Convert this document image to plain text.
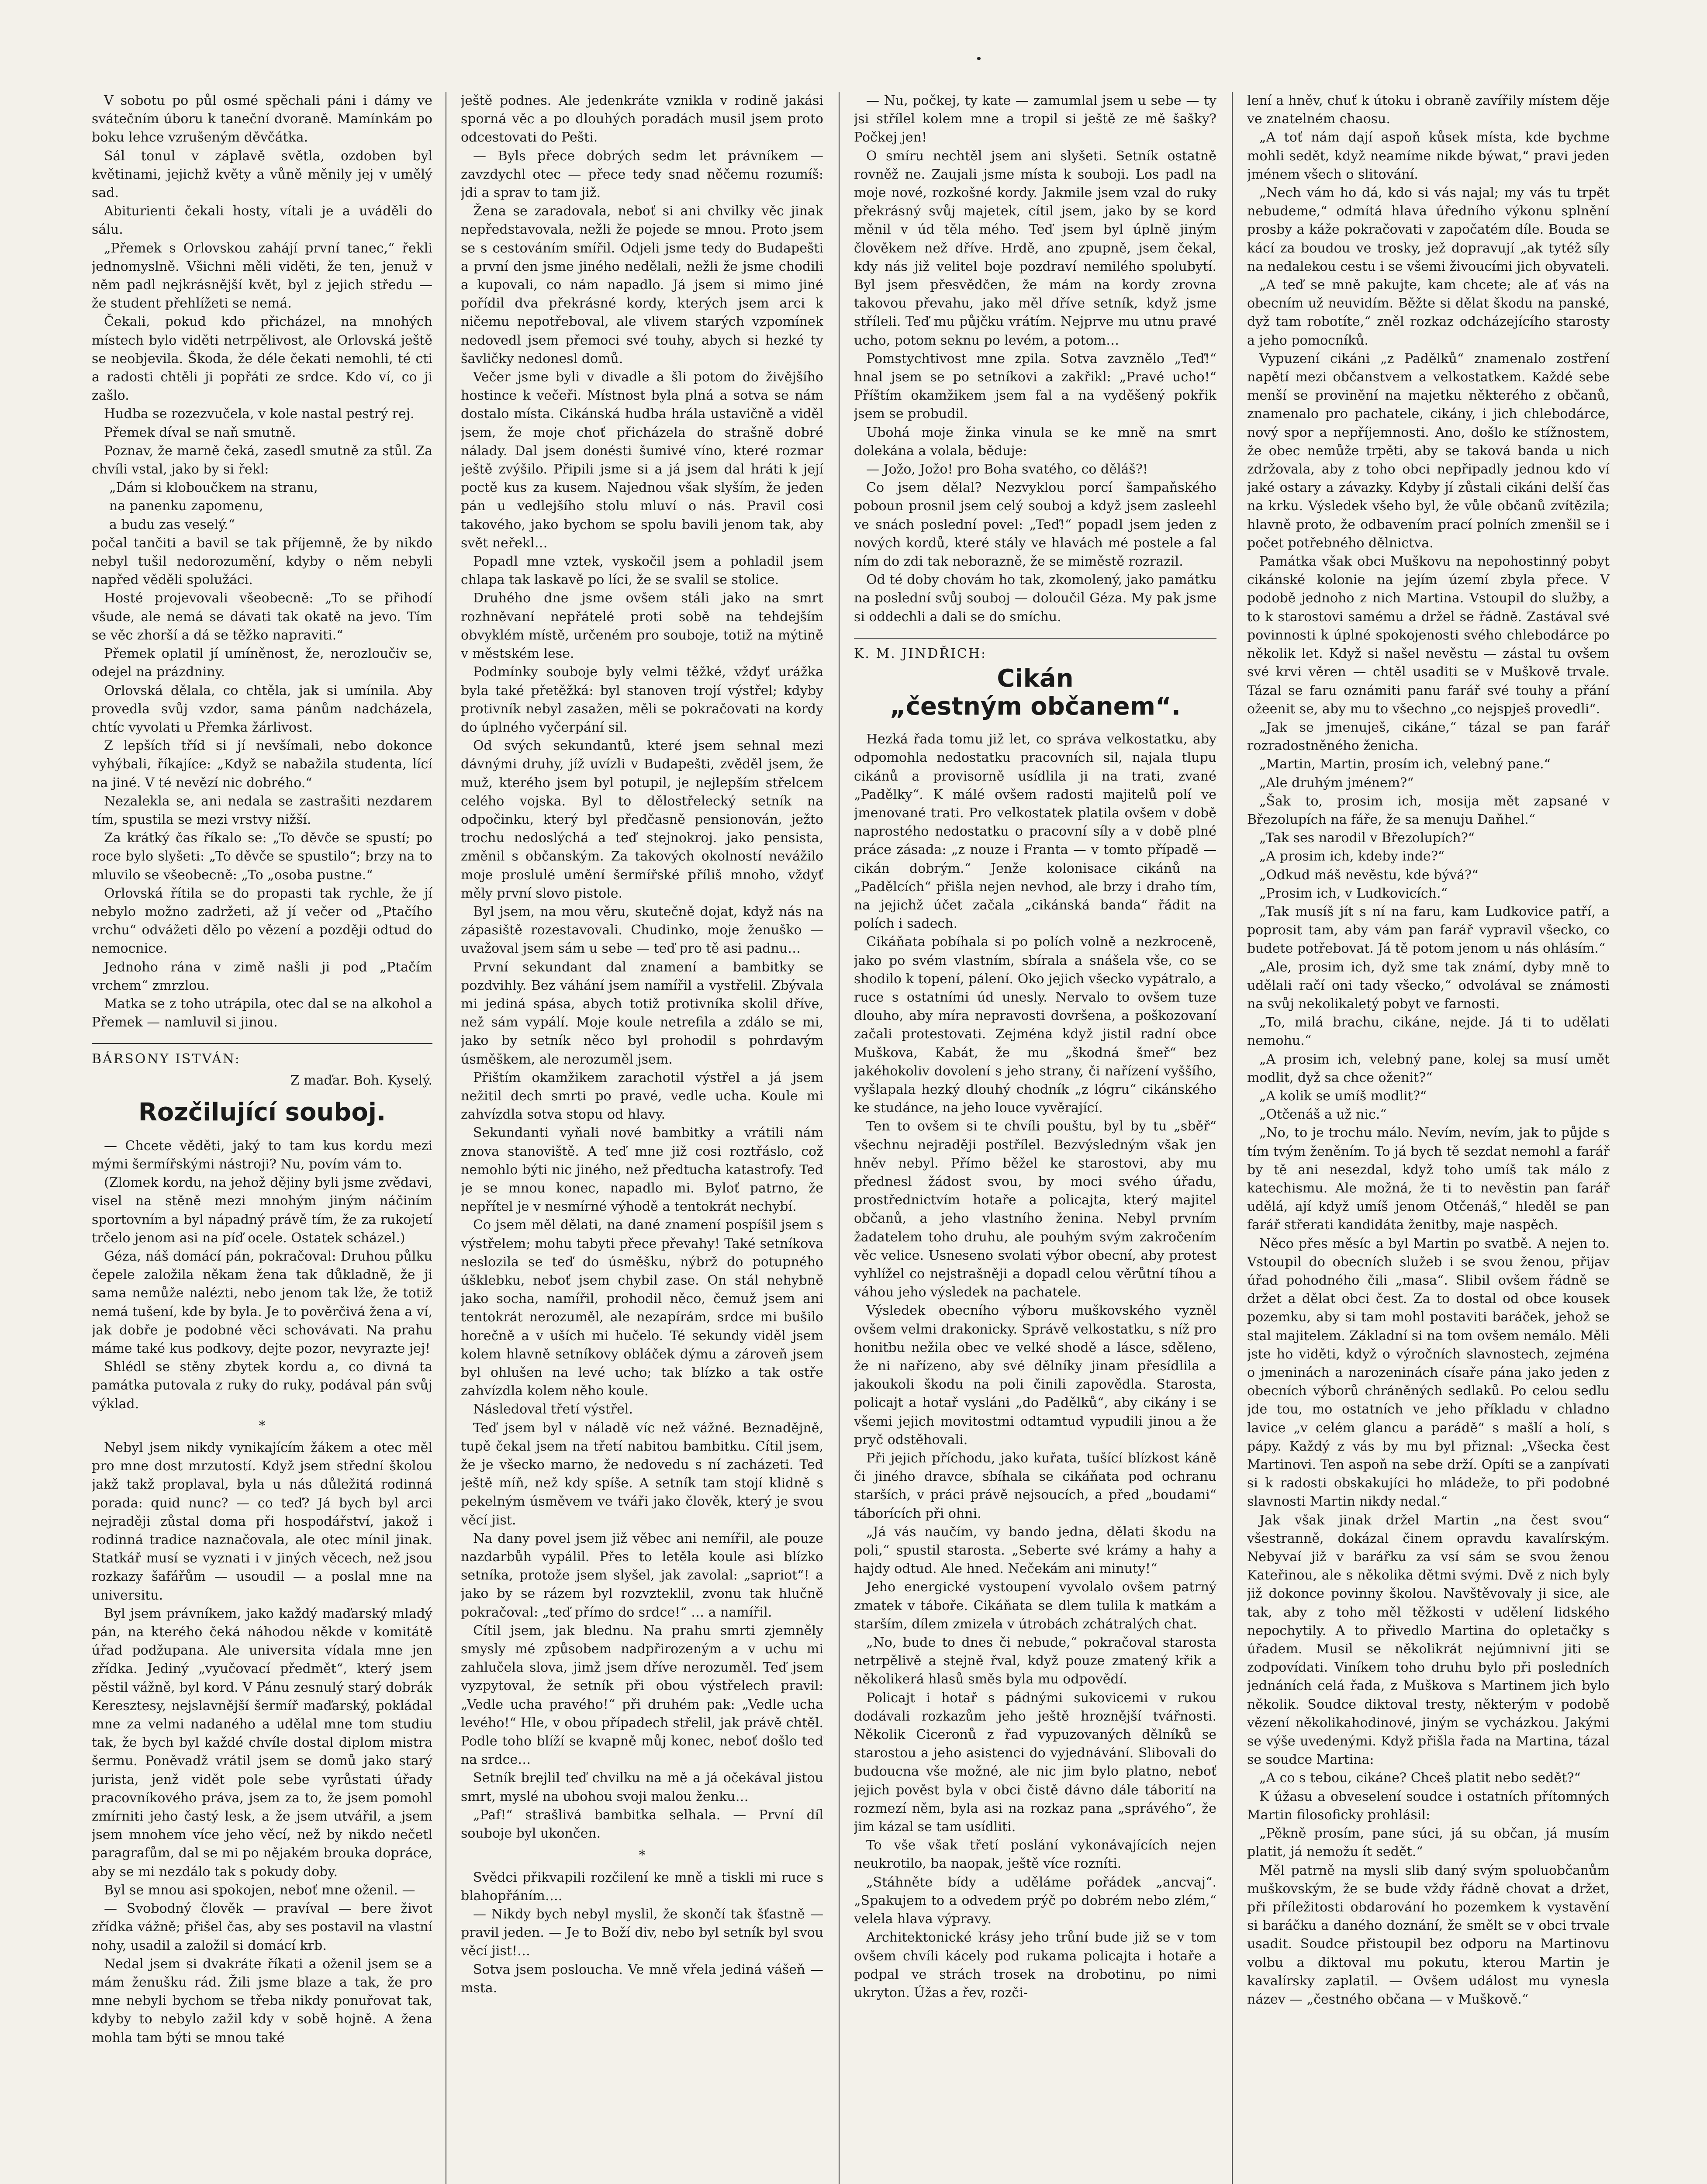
V sobotu po půl osmé spěchali páni i dámy ve svátečním úboru k taneční dvoraně. Mamínkám po boku lehce vzrušeným děvčátka.

Sál tonul v záplavě světla, ozdoben byl květinami, jejichž květy a vůně měnily jej v umělý sad.

Abiturienti čekali hosty, vítali je a uváděli do sálu.

„Přemek s Orlovskou zahájí první tanec,“ řekli jednomyslně. Všichni měli viděti, že ten, jenuž v něm padl nejkrásnější květ, byl z jejich středu — že student přehlížeti se nemá.

Čekali, pokud kdo přicházel, na mnohých místech bylo viděti netrpělivost, ale Orlovská ještě se neobjevila. Škoda, že déle čekati nemohli, té cti a radosti chtěli ji popřáti ze srdce. Kdo ví, co ji zašlo.

Hudba se rozezvučela, v kole nastal pestrý rej.

Přemek díval se naň smutně.

Poznav, že marně čeká, zasedl smutně za stůl. Za chvíli vstal, jako by si řekl:

„Dám si kloboučkem na stranu,

na panenku zapomenu,

a budu zas veselý.“

počal tančiti a bavil se tak příjemně, že by nikdo nebyl tušil nedorozumění, kdyby o něm nebyli napřed věděli spolužáci.

Hosté projevovali všeobecně: „To se přihodí všude, ale nemá se dávati tak okatě na jevo. Tím se věc zhorší a dá se těžko napraviti.“

Přemek oplatil jí umíněnost, že, nerozloučiv se, odejel na prázdniny.

Orlovská dělala, co chtěla, jak si umínila. Aby provedla svůj vzdor, sama pánům nadcházela, chtíc vyvolati u Přemka žárlivost.

Z lepších tříd si jí nevšímali, nebo dokonce vyhýbali, říkajíce: „Když se nabažila studenta, lící na jiné. V té nevězí nic dobrého.“

Nezalekla se, ani nedala se zastrašiti nezdarem tím, spustila se mezi vrstvy nižší.

Za krátký čas říkalo se: „To děvče se spustí; po roce bylo slyšeti: „To děvče se spustilo“; brzy na to mluvilo se všeobecně: „To „osoba pustne.“

Orlovská řítila se do propasti tak rychle, že jí nebylo možno zadržeti, až jí večer od „Ptačího vrchu“ odvážeti dělo po vězení a později odtud do nemocnice.

Jednoho rána v zimě našli ji pod „Ptačím vrchem“ zmrzlou.

Matka se z toho utrápila, otec dal se na alkohol a Přemek — namluvil si jinou.

BÁRSONY ISTVÁN:
Z maďar. Boh. Kyselý.
Rozčilující souboj.

— Chcete věděti, jaký to tam kus kordu mezi mými šermířskými nástroji? Nu, povím vám to.

(Zlomek kordu, na jehož dějiny byli jsme zvědavi, visel na stěně mezi mnohým jiným náčiním sportovním a byl nápadný právě tím, že za rukojetí trčelo jenom asi na píď ocele. Ostatek scházel.)

Géza, náš domácí pán, pokračoval: Druhou půlku čepele založila někam žena tak důkladně, že ji sama nemůže nalézti, nebo jenom tak lže, že totiž nemá tušení, kde by byla. Je to pověrčivá žena a ví, jak dobře je podobné věci schovávati. Na prahu máme také kus podkovy, dejte pozor, nevyrazte jej!

Shlédl se stěny zbytek kordu a, co divná ta památka putovala z ruky do ruky, podával pán svůj výklad.

*

Nebyl jsem nikdy vynikajícím žákem a otec měl pro mne dost mrzutostí. Když jsem střední školou jakž takž proplaval, byla u nás důležitá rodinná porada: quid nunc? — co teď? Já bych byl arci nejraději zůstal doma při hospodářství, jakož i rodinná tradice naznačovala, ale otec mínil jinak. Statkář musí se vyznati i v jiných věcech, než jsou rozkazy šafářům — usoudil — a poslal mne na universitu.

Byl jsem právníkem, jako každý maďarský mladý pán, na kterého čeká náhodou někde v komitátě úřad podžupana. Ale universita vídala mne jen zřídka. Jediný „vyučovací předmět“, který jsem pěstil vážně, byl kord. V Pánu zesnulý starý dobrák Keresztesy, nejslavnější šermíř maďarský, pokládal mne za velmi nadaného a udělal mne tom studiu tak, že bych byl každé chvíle dostal diplom mistra šermu. Poněvadž vrátil jsem se domů jako starý jurista, jenž vidět pole sebe vyrůstati úřady pracovníkového práva, jsem za to, že jsem pomohl zmírniti jeho častý lesk, a že jsem utvářil, a jsem jsem mnohem více jeho věcí, než by nikdo nečetl paragrafům, dal se mi po nějakém brouka dopráce, aby se mi nezdálo tak s pokudy doby.

Byl se mnou asi spokojen, neboť mne oženil. —

— Svobodný člověk — pravíval — bere život zřídka vážně; přišel čas, aby ses postavil na vlastní nohy, usadil a založil si domácí krb.

Nedal jsem si dvakráte říkati a oženil jsem se a mám ženušku rád. Žili jsme blaze a tak, že pro mne nebyli bychom se třeba nikdy ponuřovat tak, kdyby to nebylo zažil kdy v sobě hojně. A žena mohla tam býti se mnou také

ještě podnes. Ale jedenkráte vznikla v rodině jakási sporná věc a po dlouhých poradách musil jsem proto odcestovati do Pešti.

— Byls přece dobrých sedm let právníkem — zavzdychl otec — přece tedy snad něčemu rozumíš: jdi a sprav to tam již.

Žena se zaradovala, neboť si ani chvilky věc jinak nepředstavovala, nežli že pojede se mnou. Proto jsem se s cestováním smířil. Odjeli jsme tedy do Budapešti a první den jsme jiného nedělali, nežli že jsme chodili a kupovali, co nám napadlo. Já jsem si mimo jiné pořídil dva překrásné kordy, kterých jsem arci k ničemu nepotřeboval, ale vlivem starých vzpomínek nedovedl jsem přemoci své touhy, abych si hezké ty šavličky nedonesl domů.

Večer jsme byli v divadle a šli potom do živějšího hostince k večeři. Místnost byla plná a sotva se nám dostalo místa. Cikánská hudba hrála ustavičně a viděl jsem, že moje choť přicházela do strašně dobré nálady. Dal jsem donésti šumivé víno, které rozmar ještě zvýšilo. Připili jsme si a já jsem dal hráti k její poctě kus za kusem. Najednou však slyším, že jeden pán u vedlejšího stolu mluví o nás. Pravil cosi takového, jako bychom se spolu bavili jenom tak, aby svět neřekl…

Popadl mne vztek, vyskočil jsem a pohladil jsem chlapa tak laskavě po líci, že se svalil se stolice.

Druhého dne jsme ovšem stáli jako na smrt rozhněvaní nepřátelé proti sobě na tehdejším obvyklém místě, určeném pro souboje, totiž na mýtině v městském lese.

Podmínky souboje byly velmi těžké, vždyť urážka byla také přetěžká: byl stanoven trojí výstřel; kdyby protivník nebyl zasažen, měli se pokračovati na kordy do úplného vyčerpání sil.

Od svých sekundantů, které jsem sehnal mezi dávnými druhy, jíž uvízli v Budapešti, zvěděl jsem, že muž, kterého jsem byl potupil, je nejlepším střelcem celého vojska. Byl to dělostřelecký setník na odpočinku, který byl předčasně pensionován, ježto trochu nedoslýchá a teď stejnokroj. jako pensista, změnil s občanským. Za takových okolností nevážilo moje proslulé umění šermířské příliš mnoho, vždyť měly první slovo pistole.

Byl jsem, na mou věru, skutečně dojat, když nás na zápasiště rozestavovali. Chudinko, moje ženuško — uvažoval jsem sám u sebe — teď pro tě asi padnu…

První sekundant dal znamení a bambitky se pozdvihly. Bez váhání jsem namířil a vystřelil. Zbývala mi jediná spása, abych totiž protivníka skolil dříve, než sám vypálí. Moje koule netrefila a zdálo se mi, jako by setník něco byl prohodil s pohrdavým úsměškem, ale nerozuměl jsem.

Přištím okamžikem zarachotil výstřel a já jsem nežitil dech smrti po pravé, vedle ucha. Koule mi zahvízdla sotva stopu od hlavy.

Sekundanti vyňali nové bambitky a vrátili nám znova stanoviště. A teď mne již cosi roztřáslo, což nemohlo býti nic jiného, než předtucha katastrofy. Teď je se mnou konec, napadlo mi. Byloť patrno, že nepřítel je v nesmírné výhodě a tentokrát nechybí.

Co jsem měl dělati, na dané znamení pospíšil jsem s výstřelem; mohu tabyti přece převahy! Také setníkova neslozila se teď do úsměšku, nýbrž do potupného úšklebku, neboť jsem chybil zase. On stál nehybně jako socha, namířil, prohodil něco, čemuž jsem ani tentokrát nerozuměl, ale nezapírám, srdce mi bušilo horečně a v uších mi hučelo. Té sekundy viděl jsem kolem hlavně setníkovy obláček dýmu a zároveň jsem byl ohlušen na levé ucho; tak blízko a tak ostře zahvízdla kolem něho koule.

Následoval třetí výstřel.

Teď jsem byl v náladě víc než vážné. Beznadějně, tupě čekal jsem na třetí nabitou bambitku. Cítil jsem, že je všecko marno, že nedovedu s ní zacházeti. Teď ještě míň, než kdy spíše. A setník tam stojí klidně s pekelným úsměvem ve tváři jako člověk, který je svou věcí jist.

Na dany povel jsem již věbec ani nemířil, ale pouze nazdarbůh vypálil. Přes to letěla koule asi blízko setníka, protože jsem slyšel, jak zavolal: „sapriot“! a jako by se rázem byl rozvzteklil, zvonu tak hlučně pokračoval: „teď přímo do srdce!“ … a namířil.

Cítil jsem, jak blednu. Na prahu smrti zjemněly smysly mé způsobem nadpřirozeným a v uchu mi zahlučela slova, jimž jsem dříve nerozuměl. Teď jsem vyzpytoval, že setník při obou výstřelech pravil: „Vedle ucha pravého!“ při druhém pak: „Vedle ucha levého!“ Hle, v obou případech střelil, jak právě chtěl. Podle toho blíží se kvapně můj konec, neboť došlo teď na srdce…

Setník brejlil teď chvilku na mě a já očekával jistou smrt, myslé na ubohou svoji malou ženku…

„Paf!“ strašlivá bambitka selhala. — První díl souboje byl ukončen.

*

Svědci přikvapili rozčilení ke mně a tiskli mi ruce s blahopřáním….

— Nikdy bych nebyl myslil, že skončí tak šťastně — pravil jeden. — Je to Boží div, nebo byl setník byl svou věcí jist!…

Sotva jsem posloucha. Ve mně vřela jediná vášeň — msta.

— Nu, počkej, ty kate — zamumlal jsem u sebe — ty jsi střílel kolem mne a tropil si ještě ze mě šašky? Počkej jen!

O smíru nechtěl jsem ani slyšeti. Setník ostatně rovněž ne. Zaujali jsme místa k souboji. Los padl na moje nové, rozkošné kordy. Jakmile jsem vzal do ruky překrásný svůj majetek, cítil jsem, jako by se kord měnil v úd těla mého. Teď jsem byl úplně jiným člověkem než dříve. Hrdě, ano zpupně, jsem čekal, kdy nás již velitel boje pozdraví nemilého spolubytí. Byl jsem přesvědčen, že mám na kordy zrovna takovou převahu, jako měl dříve setník, když jsme stříleli. Teď mu půjčku vrátím. Nejprve mu utnu pravé ucho, potom seknu po levém, a potom…

Pomstychtivost mne zpila. Sotva zavznělo „Teď!“ hnal jsem se po setníkovi a zakřikl: „Pravé ucho!“ Příštím okamžikem jsem fal a na vyděšený pokřik jsem se probudil.

Ubohá moje žinka vinula se ke mně na smrt dolekána a volala, běduje:

— Jožo, Jožo! pro Boha svatého, co děláš?!

Co jsem dělal? Nezvyklou porcí šampaňského poboun prosnil jsem celý souboj a když jsem zasleehl ve snách poslední povel: „Teď!“ popadl jsem jeden z nových kordů, které stály ve hlavách mé postele a fal ním do zdi tak neborazně, že se miměstě rozrazil.

Od té doby chovám ho tak, zkomolený, jako památku na poslední svůj souboj — doloučil Géza. My pak jsme si oddechli a dali se do smíchu.

K. M. JINDŘICH:
Cikán
„čestným občanem“.

Hezká řada tomu již let, co správa velkostatku, aby odpomohla nedostatku pracovních sil, najala tlupu cikánů a provisorně usídlila ji na trati, zvané „Padělky“. K málé ovšem radosti majitelů polí ve jmenované trati. Pro velkostatek platila ovšem v době naprostého nedostatku o pracovní síly a v době plné práce zásada: „z nouze i Franta — v tomto případě — cikán dobrým.“ Jenže kolonisace cikánů na „Padělcích“ přišla nejen nevhod, ale brzy i draho tím, na jejichž účet začala „cikánská banda“ řádit na polích i sadech.

Cikáňata pobíhala si po polích volně a nezkroceně, jako po svém vlastním, sbírala a snášela vše, co se shodilo k topení, pálení. Oko jejich všecko vypátralo, a ruce s ostatními úd unesly. Nervalo to ovšem tuze dlouho, aby míra nepravosti dovršena, a poškozovaní začali protestovati. Zejména když jistil radní obce Muškova, Kabát, že mu „škodná šmeř“ bez jakéhokoliv dovolení s jeho strany, či nařízení vyššího, vyšlapala hezký dlouhý chodník „z lógru“ cikánského ke studánce, na jeho louce vyvěrající.

Ten to ovšem si te chvíli pouštu, byl by tu „sběř“ všechnu nejraději postřílel. Bezvýsledným však jen hněv nebyl. Přímo běžel ke starostovi, aby mu přednesl žádost svou, by moci svého úřadu, prostřednictvím hotaře a policajta, který majitel občanů, a jeho vlastního ženina. Nebyl prvním žadatelem toho druhu, ale pouhým svým zakročením věc velice. Usneseno svolati výbor obecní, aby protest vyhlížel co nejstrašněji a dopadl celou věrůtní tíhou a váhou jeho výsledek na pachatele.

Výsledek obecního výboru muškovského vyzněl ovšem velmi drakonicky. Správě velkostatku, s níž pro honitbu nežila obec ve velké shodě a lásce, sděleno, že ni nařízeno, aby své dělníky jinam přesídlila a jakoukoli škodu na poli činili zapovědla. Starosta, policajt a hotař vysláni „do Padělků“, aby cikány i se všemi jejich movitostmi odtamtud vypudili jinou a že pryč odstěhovali.

Při jejich příchodu, jako kuřata, tušící blízkost káně či jiného dravce, sbíhala se cikáňata pod ochranu starších, v práci právě nejsoucích, a před „boudami“ táborících při ohni.

„Já vás naučím, vy bando jedna, dělati škodu na poli,“ spustil starosta. „Seberte své krámy a hahy a hajdy odtud. Ale hned. Nečekám ani minuty!“

Jeho energické vystoupení vyvolalo ovšem patrný zmatek v táboře. Cikáňata se dlem tulila k matkám a starším, dílem zmizela v útrobách zchátralých chat.

„No, bude to dnes či nebude,“ pokračoval starosta netrpělivě a stejně řval, když pouze zmatený křik a několikerá hlasů směs byla mu odpovědí.

Policajt i hotař s pádnými sukovicemi v rukou dodávali rozkazům jeho ještě hroznější tvářnosti. Několik Ciceronů z řad vypuzovaných dělníků se starostou a jeho asistenci do vyjednávání. Slibovali do budoucna vše možné, ale nic jim bylo platno, neboť jejich pověst byla v obci čistě dávno dále táborití na rozmezí něm, byla asi na rozkaz pana „správého“, že jim kázal se tam usídliti.

To vše však třetí poslání vykonávajících nejen neukrotilo, ba naopak, ještě více rozníti.

„Stáhněte bídy a uděláme pořádek „ancvaj“. „Spakujem to a odvedem prýč po dobrém nebo zlém,“ velela hlava výpravy.

Architektonické krásy jeho trůní bude již se v tom ovšem chvíli kácely pod rukama policajta i hotaře a podpal ve strách trosek na drobotinu, po nimi ukryton. Úžas a řev, rozči-

lení a hněv, chuť k útoku i obraně zavířily místem děje ve znatelném chaosu.

„A toť nám dají aspoň kůsek místa, kde bychme mohli sedět, když neamíme nikde býwat,“ pravi jeden jménem všech o slitování.

„Nech vám ho dá, kdo si vás najal; my vás tu trpět nebudeme,“ odmítá hlava úředního výkonu splnění prosby a káže pokračovati v započatém díle. Bouda se kácí za boudou ve trosky, jež dopravují „ak tytéž síly na nedalekou cestu i se všemi živoucími jich obyvateli.

„A teď se mně pakujte, kam chcete; ale ať vás na obecním už neuvidím. Běžte si dělat škodu na panské, dyž tam robotíte,“ zněl rozkaz odcházejícího starosty a jeho pomocníků.

Vypuzení cikáni „z Padělků“ znamenalo zostření napětí mezi občanstvem a velkostatkem. Každé sebe menší se provinění na majetku některého z občanů, znamenalo pro pachatele, cikány, i jich chlebodárce, nový spor a nepříjemnosti. Ano, došlo ke stížnostem, že obec nemůže trpěti, aby se taková banda u nich zdržovala, aby z toho obci nepřipadly jednou kdo ví jaké ostary a závazky. Kdyby jí zůstali cikáni delší čas na krku. Výsledek všeho byl, že vůle občanů zvítězila; hlavně proto, že odbavením prací polních zmenšil se i počet potřebného dělnictva.

Památka však obci Muškovu na nepohostinný pobyt cikánské kolonie na jejím území zbyla přece. V podobě jednoho z nich Martina. Vstoupil do služby, a to k starostovi samému a držel se řádně. Zastával své povinnosti k úplné spokojenosti svého chlebodárce po několik let. Když si našel nevěstu — zástal tu ovšem své krvi věren — chtěl usaditi se v Muškově trvale. Tázal se faru oznámiti panu farář své touhy a přání ožeenit se, aby mu to všechno „co nejspješ provedli“.

„Jak se jmenuješ, cikáne,“ tázal se pan farář rozradostněného ženicha.

„Martin, Martin, prosím ich, velebný pane.“

„Ale druhým jménem?“

„Šak to, prosim ich, mosija mět zapsané v Březolupích na fáře, že sa menuju Daňhel.“

„Tak ses narodil v Březolupích?“

„A prosim ich, kdeby inde?“

„Odkud máš nevěstu, kde bývá?“

„Prosim ich, v Ludkovicích.“

„Tak musíš jít s ní na faru, kam Ludkovice patří, a poprosit tam, aby vám pan farář vypravil všecko, co budete potřebovat. Já tě potom jenom u nás ohlásím.“

„Ale, prosim ich, dyž sme tak známí, dyby mně to udělali račí oni tady všecko,“ odvolával se známosti na svůj nekolikaletý pobyt ve farnosti.

„To, milá brachu, cikáne, nejde. Já ti to udělati nemohu.“

„A prosim ich, velebný pane, kolej sa musí umět modlit, dyž sa chce oženit?“

„A kolik se umíš modlit?“

„Otčenáš a už nic.“

„No, to je trochu málo. Nevím, nevím, jak to půjde s tím tvým ženěním. To já bych tě sezdat nemohl a farář by tě ani nesezdal, když toho umíš tak málo z katechismu. Ale možná, že ti to nevěstin pan farář udělá, ají když umíš jenom Otčenáš,“ hleděl se pan farář střerati kandidáta ženitby, maje naspěch.

Něco přes měsíc a byl Martin po svatbě. A nejen to. Vstoupil do obecních služeb i se svou ženou, přijav úřad pohodného čili „masa“. Slibil ovšem řádně se držet a dělat obci čest. Za to dostal od obce kousek pozemku, aby si tam mohl postaviti baráček, jehož se stal majitelem. Základní si na tom ovšem nemálo. Měli jste ho viděti, když o výročních slavnostech, zejména o jmeninách a narozeninách císaře pána jako jeden z obecních výborů chráněných sedlaků. Po celou sedlu jde tou, mo ostatních ve jeho příkladu v chladno lavice „v celém glancu a parádě“ s mašlí a holí, s pápy. Každý z vás by mu byl přiznal: „Všecka čest Martinovi. Ten aspoň na sebe drží. Opíti se a zanpívati si k radosti obskakujíci ho mládeže, to při podobné slavnosti Martin nikdy nedal.“

Jak však jinak držel Martin „na čest svou“ všestranně, dokázal činem opravdu kavalírským. Nebyvaí již v barářku za vsí sám se svou ženou Kateřinou, ale s několika dětmi svými. Dvě z nich byly již dokonce povinny školou. Navštěvovaly ji sice, ale tak, aby z toho měl těžkosti v udělení lidského nepochytily. A to přivedlo Martina do opletačky s úřadem. Musil se několikrát nejúmnivní jiti se zodpovídati. Viníkem toho druhu bylo při posledních jednáních celá řada, z Muškova s Martinem jich bylo několik. Soudce diktoval tresty, některým v podobě vězení několikahodinové, jiným se vycházkou. Jakými se výše uvedenými. Když přišla řada na Martina, tázal se soudce Martina:

„A co s tebou, cikáne? Chceš platit nebo sedět?“

K úžasu a obveselení soudce i ostatních přítomných Martin filosoficky prohlásil:

„Pěkně prosím, pane súci, já su občan, já musím platit, já nemožu ít sedět.“

Měl patrně na mysli slib daný svým spoluobčanům muškovským, že se bude vždy řádně chovat a držet, při příležitosti obdarování ho pozemkem k vystavění si baráčku a daného doznání, že smělt se v obci trvale usadit. Soudce přistoupil bez odporu na Martinovu volbu a diktoval mu pokutu, kterou Martin je kavalírsky zaplatil. — Ovšem událost mu vynesla název — „čestného občana — v Muškově.“
